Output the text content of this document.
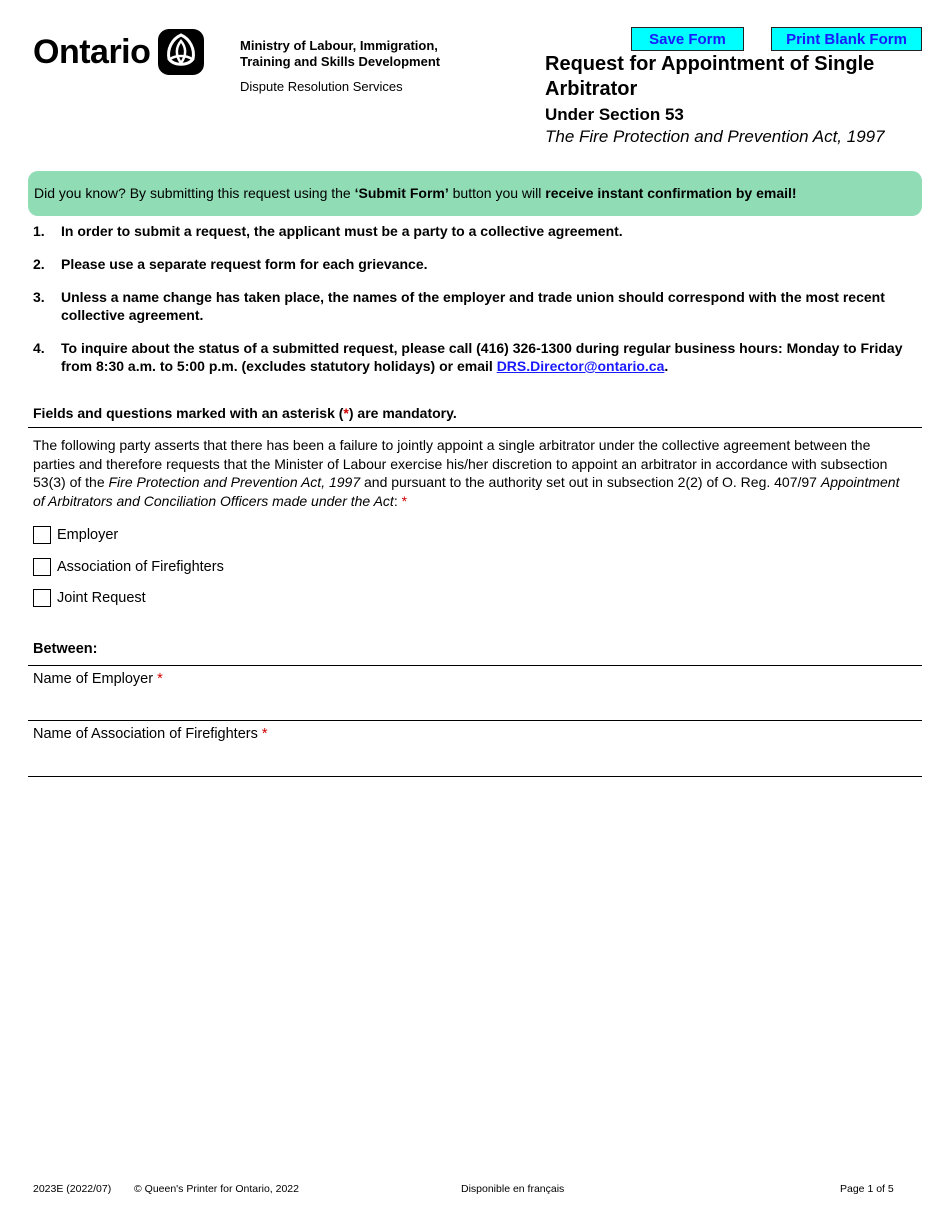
Ontario	Ministry of Labour, Immigration, Training and Skills Development
Dispute Resolution Services
Save Form	Print Blank Form
Request for Appointment of Single Arbitrator
Under Section 53
The Fire Protection and Prevention Act, 1997
Did you know? By submitting this request using the ‘Submit Form’ button you will receive instant confirmation by email!
1.	In order to submit a request, the applicant must be a party to a collective agreement.
2.	Please use a separate request form for each grievance.
3.	Unless a name change has taken place, the names of the employer and trade union should correspond with the most recent collective agreement.
4.	To inquire about the status of a submitted request, please call (416) 326-1300 during regular business hours: Monday to Friday from 8:30 a.m. to 5:00 p.m. (excludes statutory holidays) or email DRS.Director@ontario.ca.
Fields and questions marked with an asterisk (*) are mandatory.
The following party asserts that there has been a failure to jointly appoint a single arbitrator under the collective agreement between the parties and therefore requests that the Minister of Labour exercise his/her discretion to appoint an arbitrator in accordance with subsection 53(3) of the Fire Protection and Prevention Act, 1997 and pursuant to the authority set out in subsection 2(2) of O. Reg. 407/97 Appointment of Arbitrators and Conciliation Officers made under the Act: *
Employer
Association of Firefighters
Joint Request
Between:
Name of Employer *
Name of Association of Firefighters *
2023E (2022/07) © Queen's Printer for Ontario, 2022	Disponible en français	Page 1 of 5
